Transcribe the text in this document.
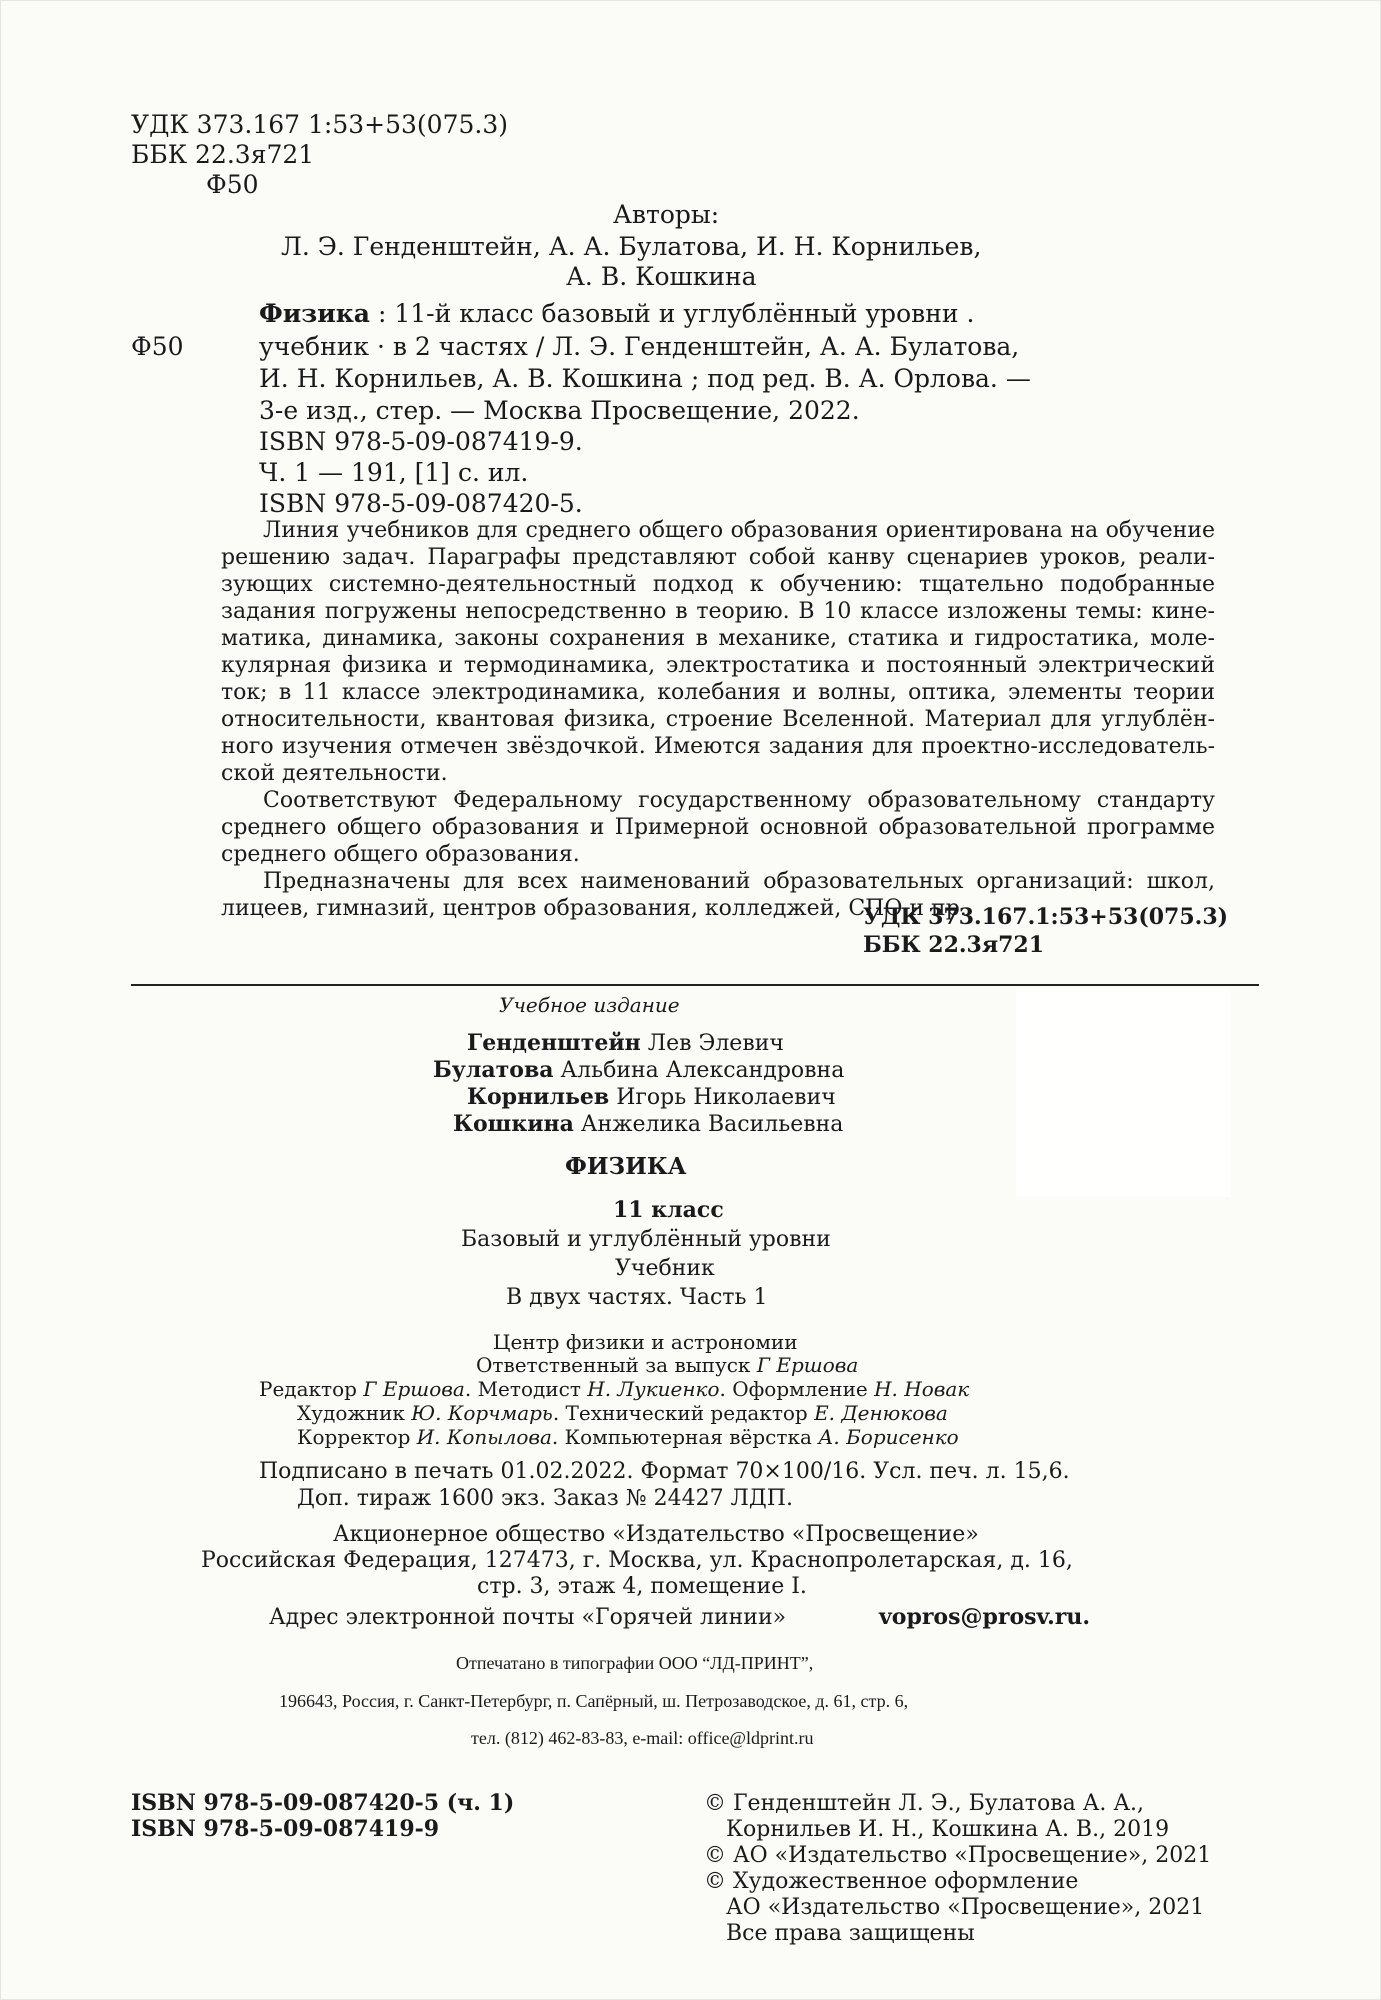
УДК 373.167 1:53+53(075.3)
ББК 22.3я721
Ф50
Авторы:
Л. Э. Генденштейн, А. А. Булатова, И. Н. Корнильев,
А. В. Кошкина
Ф50
Физика : 11-й класс базовый и углублённый уровни .
учебник · в 2 частях / Л. Э. Генденштейн, А. А. Булатова,
И. Н. Корнильев, А. В. Кошкина ; под ред. В. А. Орлова. —
3-е изд., стер. — Москва Просвещение, 2022.
ISBN 978-5-09-087419-9.
Ч. 1 — 191, [1] с. ил.
ISBN 978-5-09-087420-5.
Линия учебников для среднего общего образования ориентирована на обучение
решению задач. Параграфы представляют собой канву сценариев уроков, реали-
зующих системно-деятельностный подход к обучению: тщательно подобранные
задания погружены непосредственно в теорию. В 10 классе изложены темы: кине-
матика, динамика, законы сохранения в механике, статика и гидростатика, моле-
кулярная физика и термодинамика, электростатика и постоянный электрический
ток; в 11 классе электродинамика, колебания и волны, оптика, элементы теории
относительности, квантовая физика, строение Вселенной. Материал для углублён-
ного изучения отмечен звёздочкой. Имеются задания для проектно-исследователь-
ской деятельности.
Соответствуют Федеральному государственному образовательному стандарту
среднего общего образования и Примерной основной образовательной программе
среднего общего образования.
Предназначены для всех наименований образовательных организаций: школ,
лицеев, гимназий, центров образования, колледжей, СПО и пр.
УДК 373.167.1:53+53(075.3)
ББК 22.3я721
Учебное издание
Генденштейн Лев Элевич
Булатова Альбина Александровна
Корнильев Игорь Николаевич
Кошкина Анжелика Васильевна
ФИЗИКА
11 класс
Базовый и углублённый уровни
Учебник
В двух частях. Часть 1
Центр физики и астрономии
Ответственный за выпуск Г Ершова
Редактор Г Ершова. Методист Н. Лукиенко. Оформление Н. Новак
Художник Ю. Корчмарь. Технический редактор Е. Денюкова
Корректор И. Копылова. Компьютерная вёрстка А. Борисенко
Подписано в печать 01.02.2022. Формат 70×100/16. Усл. печ. л. 15,6.
Доп. тираж 1600 экз. Заказ № 24427 ЛДП.
Акционерное общество «Издательство «Просвещение»
Российская Федерация, 127473, г. Москва, ул. Краснопролетарская, д. 16,
стр. 3, этаж 4, помещение I.
Адрес электронной почты «Горячей линии»	vopros@prosv.ru.
Отпечатано в типографии ООО “ЛД-ПРИНТ”,
196643, Россия, г. Санкт-Петербург, п. Сапёрный, ш. Петрозаводское, д. 61, стр. 6,
тел. (812) 462-83-83, e-mail: office@ldprint.ru
ISBN 978-5-09-087420-5 (ч. 1)
ISBN 978-5-09-087419-9
© Генденштейн Л. Э., Булатова А. А.,
Корнильев И. Н., Кошкина А. В., 2019
© АО «Издательство «Просвещение», 2021
© Художественное оформление
АО «Издательство «Просвещение», 2021
Все права защищены
